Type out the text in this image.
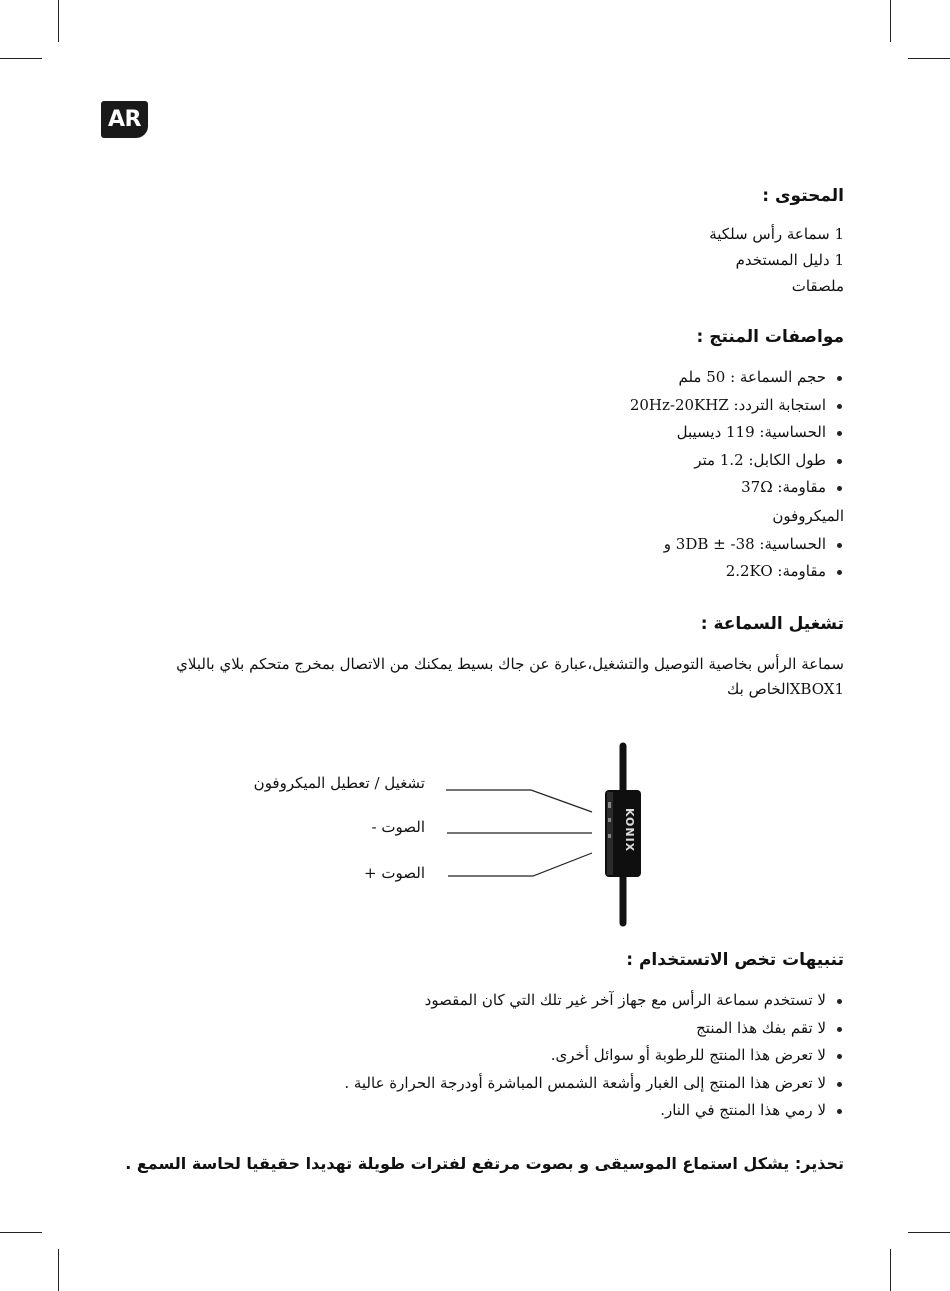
AR
المحتوى :

1 سماعة رأس سلكية

1 دليل المستخدم

ملصقات

مواصفات المنتج :
حجم السماعة : 50 ملم
استجابة التردد: 20Hz-20KHZ
الحساسية: 119 ديسيبل
طول الكابل: 1.2 متر
مقاومة: 37Ω

الميكروفون

الحساسية: 38- ± 3DB و
مقاومة: 2.2KO
تشغيل السماعة :
سماعة الرأس بخاصية التوصيل والتشغيل،عبارة عن جاك بسيط يمكنك من الاتصال بمخرج متحكم بلاي بالبلاي XBOX1الخاص بك
KONIX
تشغيل / تعطيل الميكروفون
الصوت -
الصوت +
تنبيهات تخص الاتستخدام :
لا تستخدم سماعة الرأس مع جهاز آخر غير تلك التي كان المقصود
لا تقم بفك هذا المنتج
لا تعرض هذا المنتج للرطوبة أو سوائل أخرى.
لا تعرض هذا المنتج إلى الغبار وأشعة الشمس المباشرة أودرجة الحرارة عالية .
لا رمي هذا المنتج في النار.
تحذير: يشكل استماع الموسيقى و بصوت مرتفع لفترات طويلة تهديدا حقيقيا لحاسة السمع .
